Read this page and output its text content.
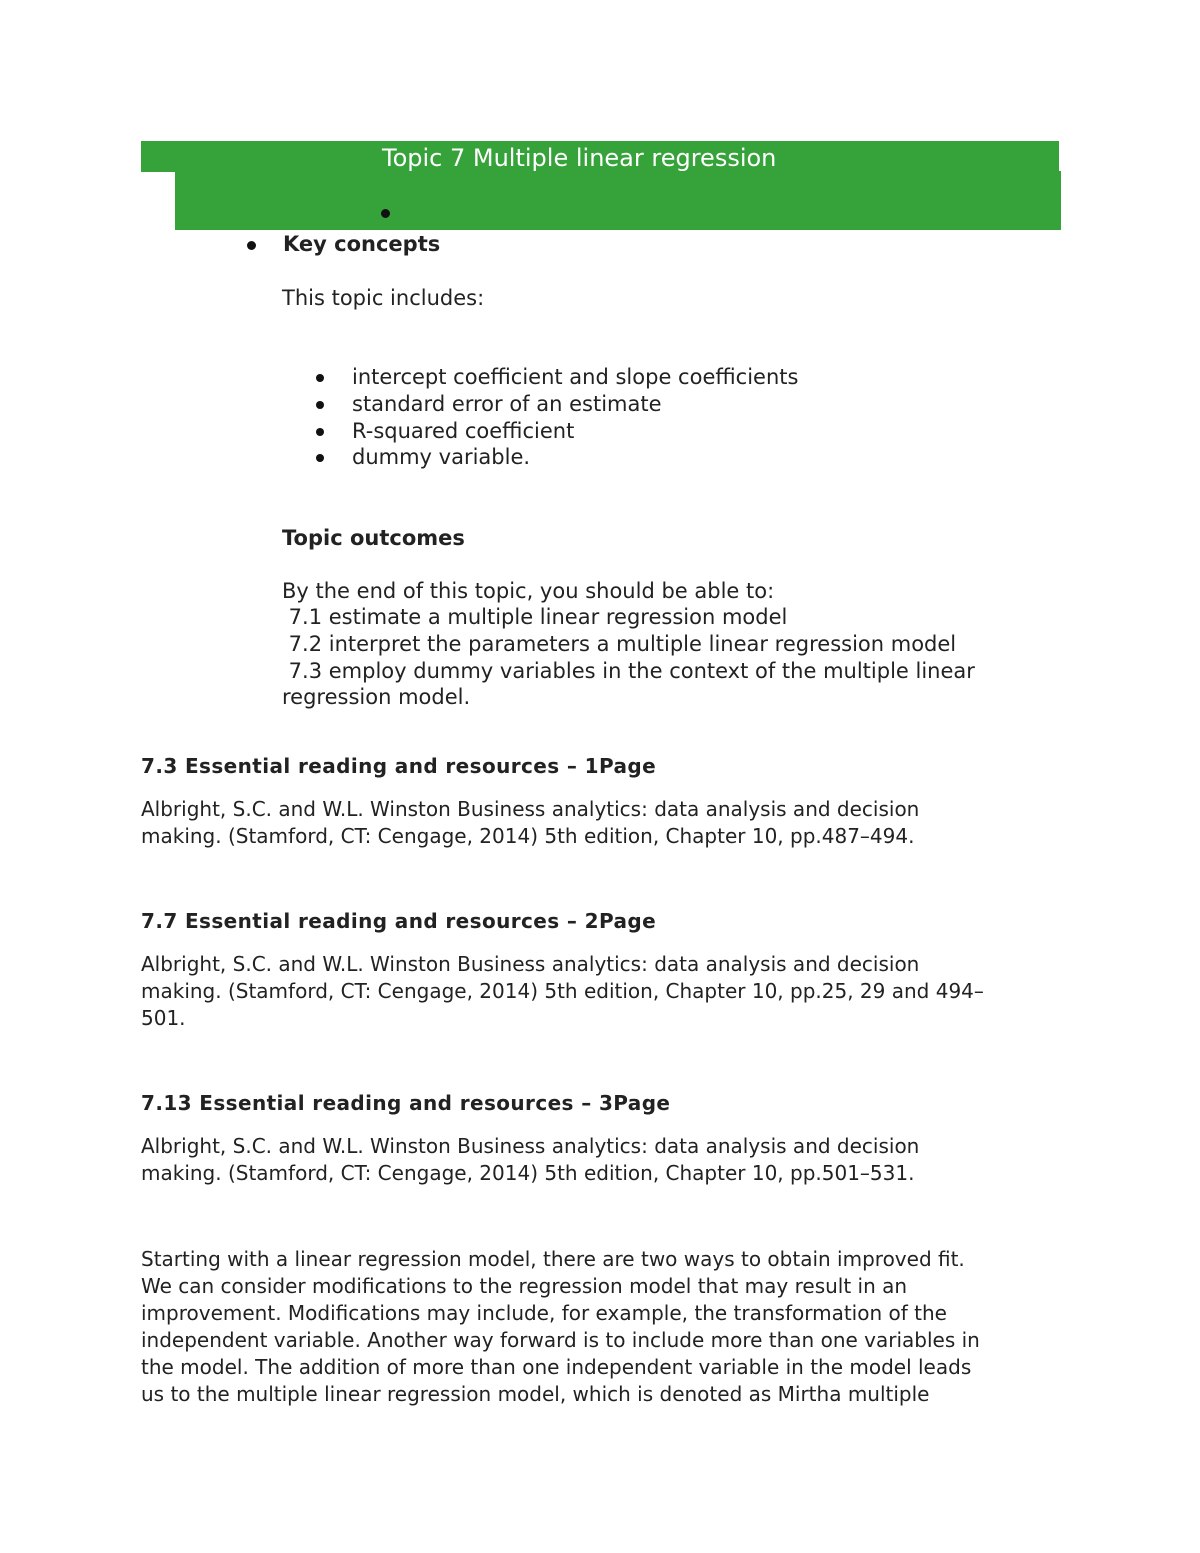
Topic 7 Multiple linear regression
Key concepts
This topic includes:
intercept coefficient and slope coefficients
standard error of an estimate
R-squared coefficient
dummy variable.
Topic outcomes
By the end of this topic, you should be able to:
7.1 estimate a multiple linear regression model
7.2 interpret the parameters a multiple linear regression model
7.3 employ dummy variables in the context of the multiple linear
regression model.
7.3 Essential reading and resources – 1Page
Albright, S.C. and W.L. Winston Business analytics: data analysis and decision
making. (Stamford, CT: Cengage, 2014) 5th edition, Chapter 10, pp.487–494.
7.7 Essential reading and resources – 2Page
Albright, S.C. and W.L. Winston Business analytics: data analysis and decision
making. (Stamford, CT: Cengage, 2014) 5th edition, Chapter 10, pp.25, 29 and 494–
501.
7.13 Essential reading and resources – 3Page
Albright, S.C. and W.L. Winston Business analytics: data analysis and decision
making. (Stamford, CT: Cengage, 2014) 5th edition, Chapter 10, pp.501–531.
Starting with a linear regression model, there are two ways to obtain improved fit.
We can consider modifications to the regression model that may result in an
improvement. Modifications may include, for example, the transformation of the
independent variable. Another way forward is to include more than one variables in
the model. The addition of more than one independent variable in the model leads
us to the multiple linear regression model, which is denoted as Mirtha multiple
